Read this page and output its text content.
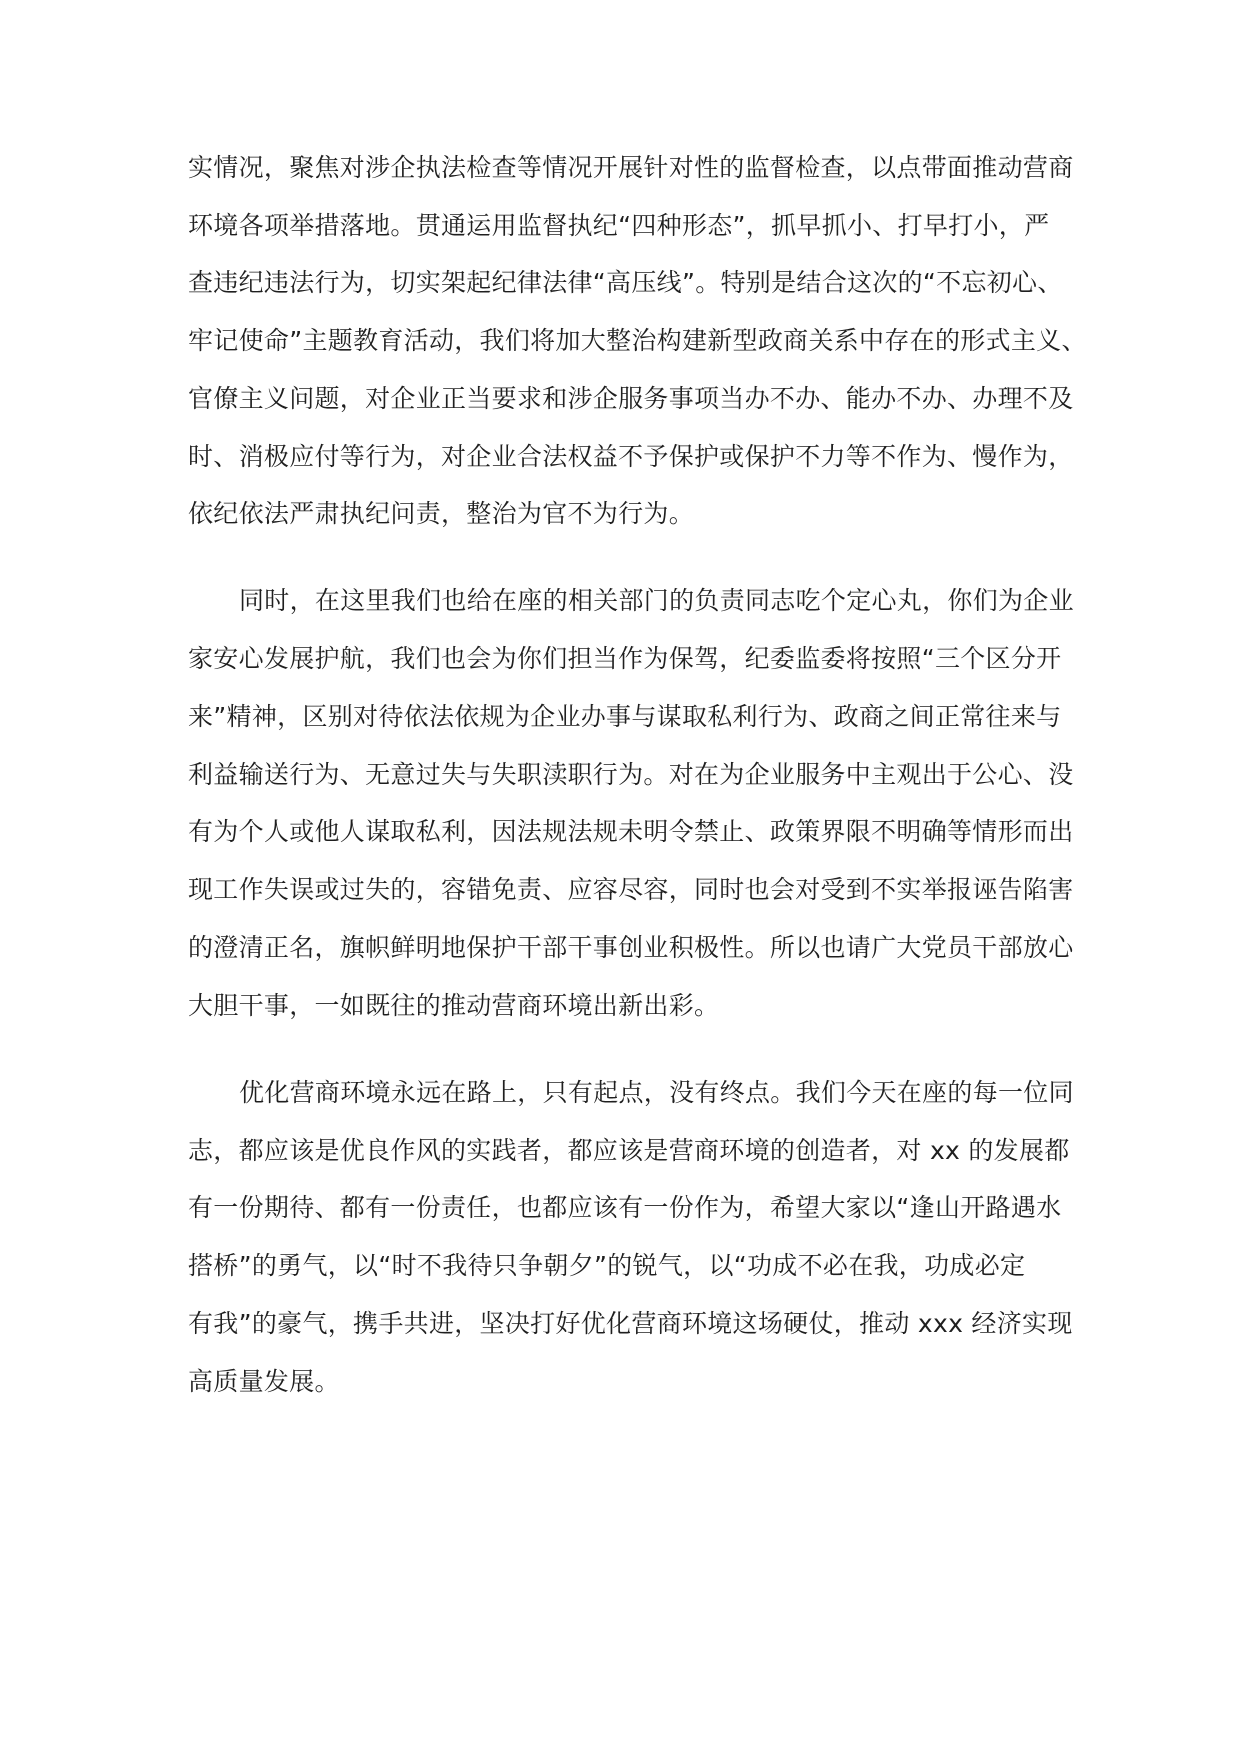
实情况，聚焦对涉企执法检查等情况开展针对性的监督检查，以点带面推动营商
环境各项举措落地。贯通运用监督执纪“四种形态”，抓早抓小、打早打小，严
查违纪违法行为，切实架起纪律法律“高压线”。特别是结合这次的“不忘初心、
牢记使命”主题教育活动，我们将加大整治构建新型政商关系中存在的形式主义、
官僚主义问题，对企业正当要求和涉企服务事项当办不办、能办不办、办理不及
时、消极应付等行为，对企业合法权益不予保护或保护不力等不作为、慢作为，
依纪依法严肃执纪问责，整治为官不为行为。
同时，在这里我们也给在座的相关部门的负责同志吃个定心丸，你们为企业
家安心发展护航，我们也会为你们担当作为保驾，纪委监委将按照“三个区分开
来”精神，区别对待依法依规为企业办事与谋取私利行为、政商之间正常往来与
利益输送行为、无意过失与失职渎职行为。对在为企业服务中主观出于公心、没
有为个人或他人谋取私利，因法规法规未明令禁止、政策界限不明确等情形而出
现工作失误或过失的，容错免责、应容尽容，同时也会对受到不实举报诬告陷害
的澄清正名，旗帜鲜明地保护干部干事创业积极性。所以也请广大党员干部放心
大胆干事，一如既往的推动营商环境出新出彩。
优化营商环境永远在路上，只有起点，没有终点。我们今天在座的每一位同
志，都应该是优良作风的实践者，都应该是营商环境的创造者，对 xx 的发展都
有一份期待、都有一份责任，也都应该有一份作为，希望大家以“逢山开路遇水
搭桥”的勇气，以“时不我待只争朝夕”的锐气，以“功成不必在我，功成必定
有我”的豪气，携手共进，坚决打好优化营商环境这场硬仗，推动 xxx 经济实现
高质量发展。
